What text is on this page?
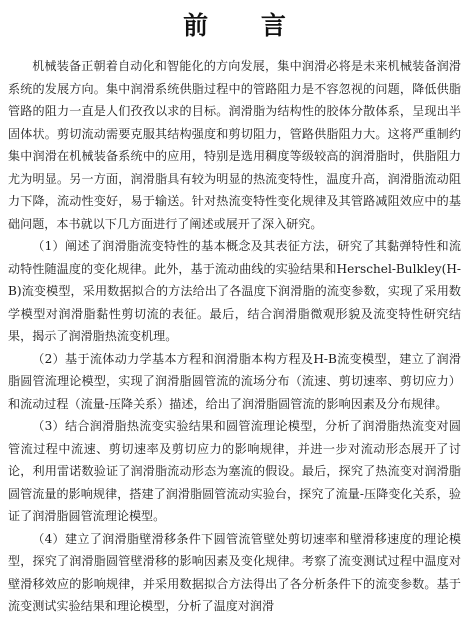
前 言

机械装备正朝着自动化和智能化的方向发展，集中润滑必将是未来机械装备润滑系统的发展方向。集中润滑系统供脂过程中的管路阻力是不容忽视的问题，降低供脂管路的阻力一直是人们孜孜以求的目标。润滑脂为结构性的胶体分散体系，呈现出半固体状。剪切流动需要克服其结构强度和剪切阻力，管路供脂阻力大。这将严重制约集中润滑在机械装备系统中的应用，特别是选用稠度等级较高的润滑脂时，供脂阻力尤为明显。另一方面，润滑脂具有较为明显的热流变特性，温度升高，润滑脂流动阻力下降，流动性变好，易于输送。针对热流变特性变化规律及其管路减阻效应中的基础问题，本书就以下几方面进行了阐述或展开了深入研究。

（1）阐述了润滑脂流变特性的基本概念及其表征方法，研究了其黏弹特性和流动特性随温度的变化规律。此外，基于流动曲线的实验结果和Herschel-Bulkley(H-B)流变模型，采用数据拟合的方法给出了各温度下润滑脂的流变参数，实现了采用数学模型对润滑脂黏性剪切流的表征。最后，结合润滑脂微观形貌及流变特性研究结果，揭示了润滑脂热流变机理。

（2）基于流体动力学基本方程和润滑脂本构方程及H-B流变模型，建立了润滑脂圆管流理论模型，实现了润滑脂圆管流的流场分布（流速、剪切速率、剪切应力）和流动过程（流量-压降关系）描述，给出了润滑脂圆管流的影响因素及分布规律。

（3）结合润滑脂热流变实验结果和圆管流理论模型，分析了润滑脂热流变对圆管流过程中流速、剪切速率及剪切应力的影响规律，并进一步对流动形态展开了讨论，利用雷诺数验证了润滑脂流动形态为塞流的假设。最后，探究了热流变对润滑脂圆管流量的影响规律，搭建了润滑脂圆管流动实验台，探究了流量-压降变化关系，验证了润滑脂圆管流理论模型。

（4）建立了润滑脂壁滑移条件下圆管流管壁处剪切速率和壁滑移速度的理论模型，探究了润滑脂圆管壁滑移的影响因素及变化规律。考察了流变测试过程中温度对壁滑移效应的影响规律，并采用数据拟合方法得出了各分析条件下的流变参数。基于流变测试实验结果和理论模型，分析了温度对润滑
